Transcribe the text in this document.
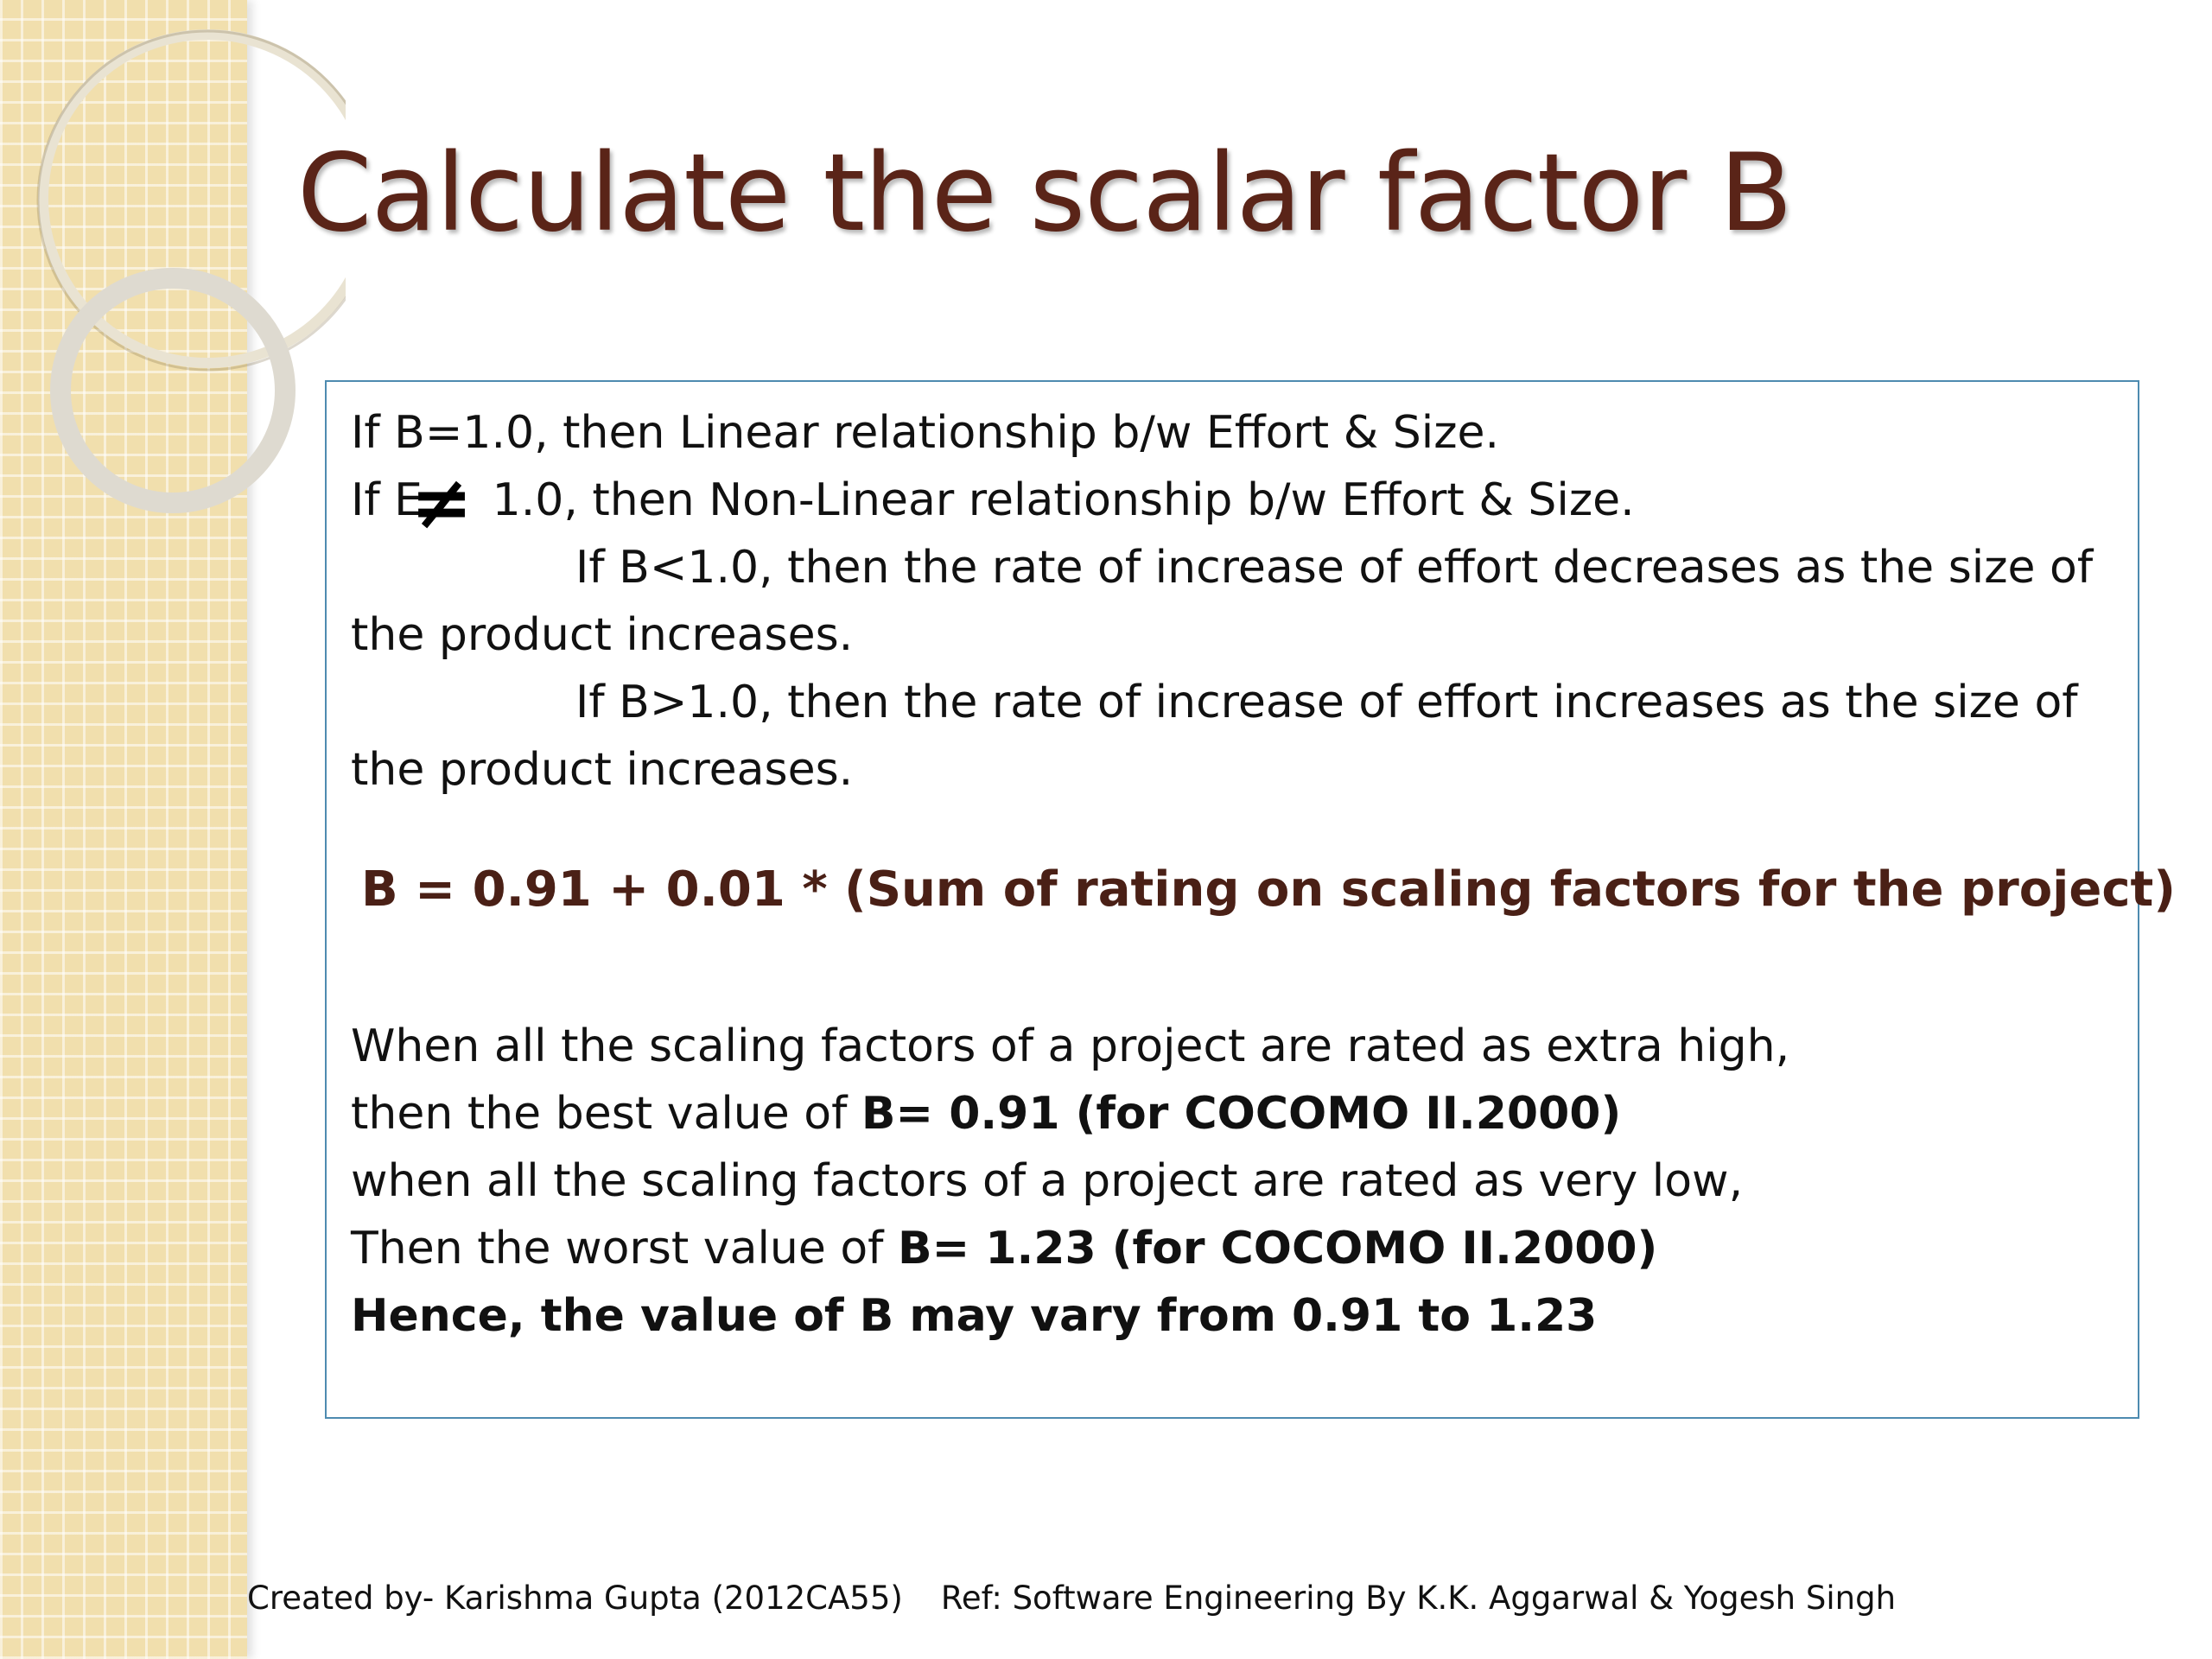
Calculate the scalar factor B
If B=1.0, then Linear relationship b/w Effort & Size.
If E≠ 1.0, then Non-Linear relationship b/w Effort & Size.
If B<1.0, then the rate of increase of effort decreases as the size of
the product increases.
If B>1.0, then the rate of increase of effort increases as the size of
the product increases.
B = 0.91 + 0.01 * (Sum of rating on scaling factors for the project)
When all the scaling factors of a project are rated as extra high,
then the best value of B= 0.91 (for COCOMO II.2000)
when all the scaling factors of a project are rated as very low,
Then the worst value of B= 1.23 (for COCOMO II.2000)
Hence, the value of B may vary from 0.91 to 1.23
Created by- Karishma Gupta (2012CA55) Ref: Software Engineering By K.K. Aggarwal & Yogesh Singh
